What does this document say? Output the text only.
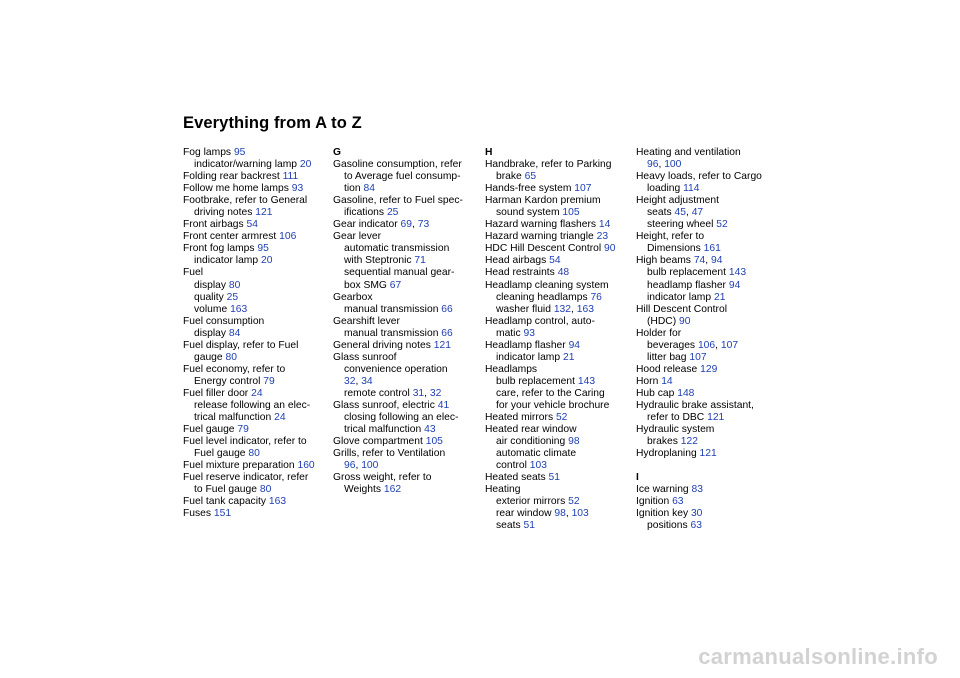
Everything from A to Z
Fog lamps 95
indicator/warning lamp 20
Folding rear backrest 111
Follow me home lamps 93
Footbrake, refer to General
driving notes 121
Front airbags 54
Front center armrest 106
Front fog lamps 95
indicator lamp 20
Fuel
display 80
quality 25
volume 163
Fuel consumption
display 84
Fuel display, refer to Fuel
gauge 80
Fuel economy, refer to
Energy control 79
Fuel filler door 24
release following an elec-
trical malfunction 24
Fuel gauge 79
Fuel level indicator, refer to
Fuel gauge 80
Fuel mixture preparation 160
Fuel reserve indicator, refer
to Fuel gauge 80
Fuel tank capacity 163
Fuses 151
G
Gasoline consumption, refer
to Average fuel consump-
tion 84
Gasoline, refer to Fuel spec-
ifications 25
Gear indicator 69, 73
Gear lever
automatic transmission
with Steptronic 71
sequential manual gear-
box SMG 67
Gearbox
manual transmission 66
Gearshift lever
manual transmission 66
General driving notes 121
Glass sunroof
convenience operation
32, 34
remote control 31, 32
Glass sunroof, electric 41
closing following an elec-
trical malfunction 43
Glove compartment 105
Grills, refer to Ventilation
96, 100
Gross weight, refer to
Weights 162
H
Handbrake, refer to Parking
brake 65
Hands-free system 107
Harman Kardon premium
sound system 105
Hazard warning flashers 14
Hazard warning triangle 23
HDC Hill Descent Control 90
Head airbags 54
Head restraints 48
Headlamp cleaning system
cleaning headlamps 76
washer fluid 132, 163
Headlamp control, auto-
matic 93
Headlamp flasher 94
indicator lamp 21
Headlamps
bulb replacement 143
care, refer to the Caring
for your vehicle brochure
Heated mirrors 52
Heated rear window
air conditioning 98
automatic climate
control 103
Heated seats 51
Heating
exterior mirrors 52
rear window 98, 103
seats 51
Heating and ventilation
96, 100
Heavy loads, refer to Cargo
loading 114
Height adjustment
seats 45, 47
steering wheel 52
Height, refer to
Dimensions 161
High beams 74, 94
bulb replacement 143
headlamp flasher 94
indicator lamp 21
Hill Descent Control
(HDC) 90
Holder for
beverages 106, 107
litter bag 107
Hood release 129
Horn 14
Hub cap 148
Hydraulic brake assistant,
refer to DBC 121
Hydraulic system
brakes 122
Hydroplaning 121
I
Ice warning 83
Ignition 63
Ignition key 30
positions 63
carmanualsonline.info
